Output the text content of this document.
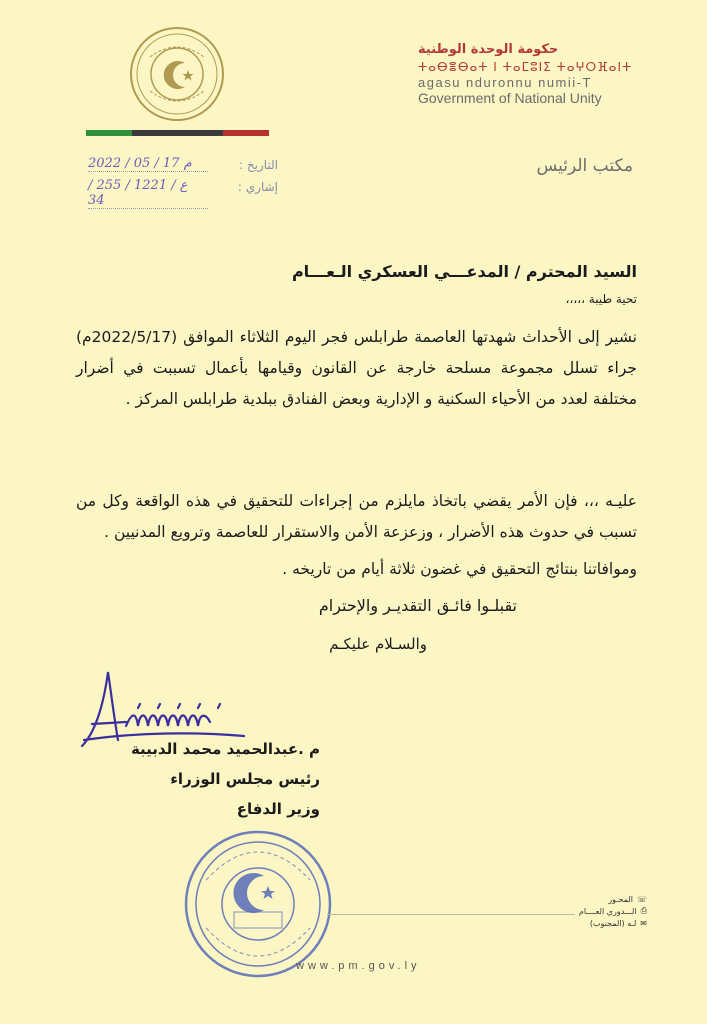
حكومة الوحدة الوطنية
ⵜⴰⴱⴻⴱⴰⵜ ⵏ ⵜⴰⵎⵓⵏⵉ ⵜⴰⵖⵔⴼⴰⵏⵜ
agasu nduronnu numii-T
Government of National Unity
مكتب الرئيس
2022 / 05 / 17 م	التاريخ :
ع / 1221 / 255 / 34
إشاري :
السيد المحترم / المدعـــي العسكري الـعـــام
تحية طيبة ،،،،،
نشير إلى الأحداث شهدتها العاصمة طرابلس فجر اليوم الثلاثاء الموافق (2022/5/17م) جراء تسلل مجموعة مسلحة خارجة عن القانون وقيامها بأعمال تسببت في أضرار مختلفة لعدد من الأحياء السكنية و الإدارية وبعض الفنادق ببلدية طرابلس المركز .
عليـه ،،، فإن الأمر يقضي باتخاذ مايلزم من إجراءات للتحقيق في هذه الواقعة وكل من تسبب في حدوث هذه الأضرار ، وزعزعة الأمن والاستقرار للعاصمة وترويع المدنيين .
وموافاتنا بنتائج التحقيق في غضون ثلاثة أيام من تاريخه .
تقبلـوا فائـق التقديـر والإحترام
والسـلام عليكـم
م .عبدالحميد محمد الدبيبة
رئيس مجلس الوزراء
وزير الدفاع
☏
المحـور
⎙
الـــدوري العــــام
✉
لـه (المجنوب)
www.pm.gov.ly
